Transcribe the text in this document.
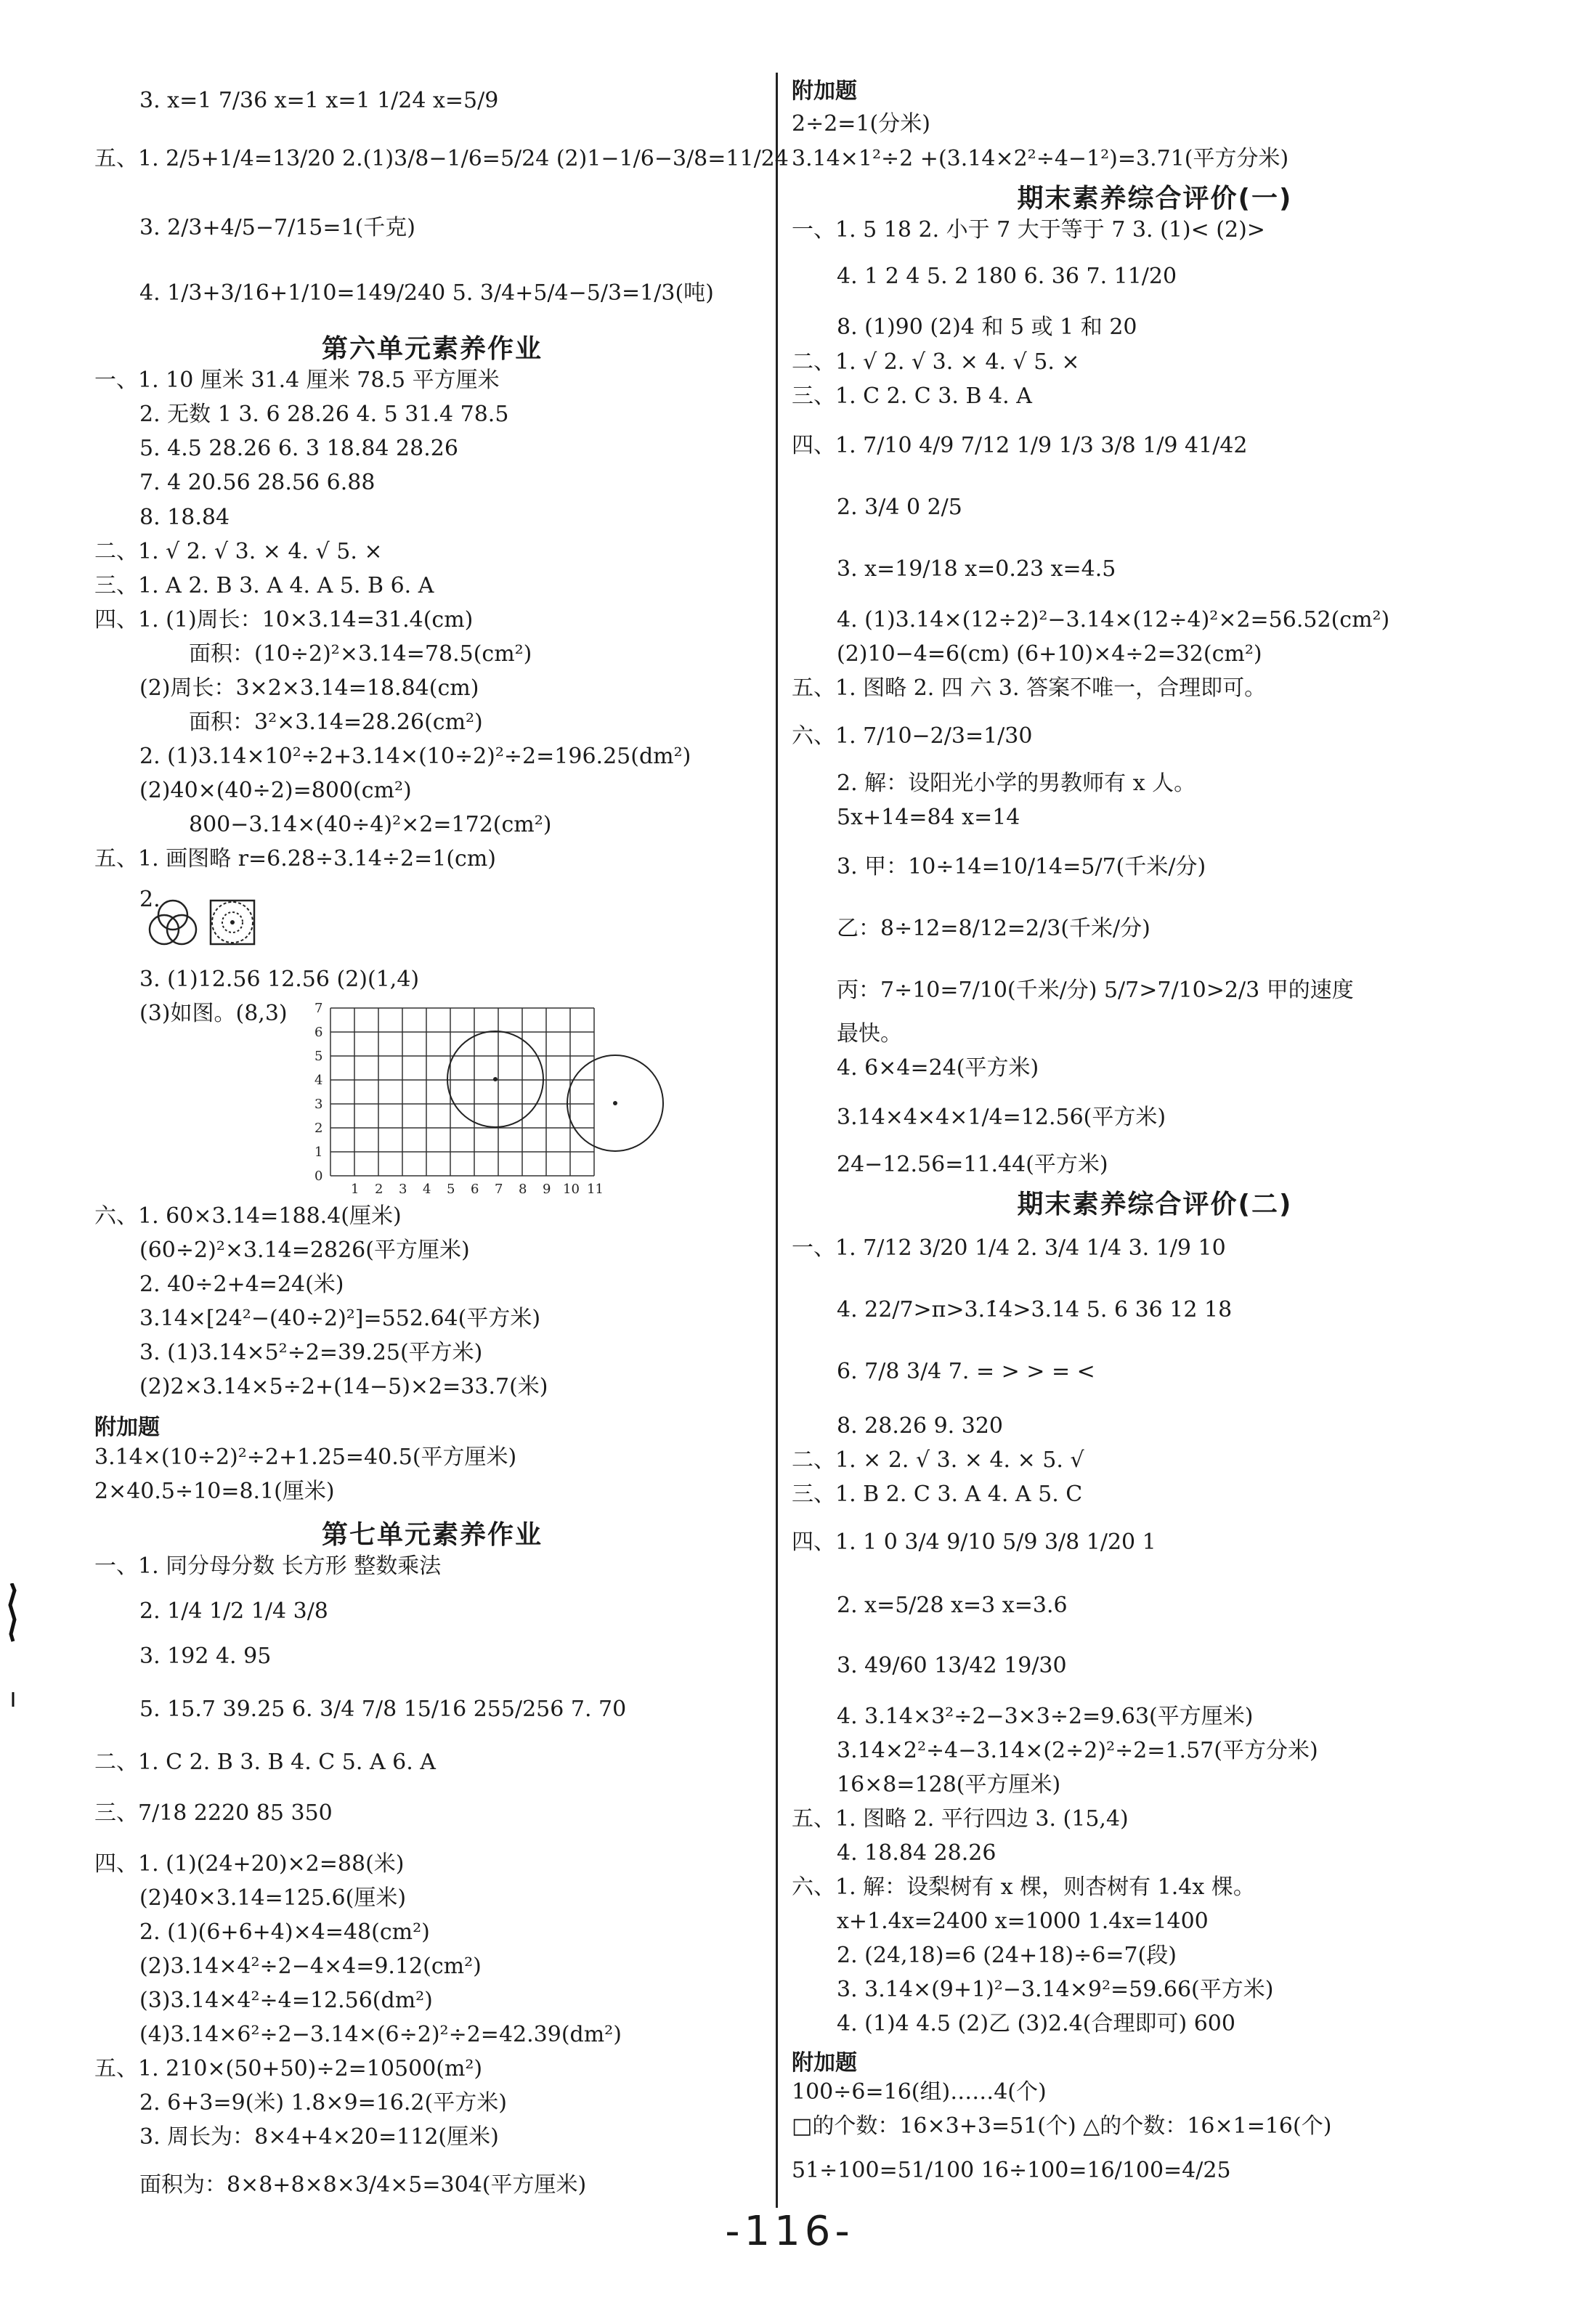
3. x=1 7/36 x=1 x=1 1/24 x=5/9
五、1. 2/5+1/4=13/20 2.(1)3/8−1/6=5/24 (2)1−1/6−3/8=11/24
3. 2/3+4/5−7/15=1(千克)
4. 1/3+3/16+1/10=149/240 5. 3/4+5/4−5/3=1/3(吨)
第六单元素养作业
一、1. 10 厘米 31.4 厘米 78.5 平方厘米
2. 无数 1 3. 6 28.26 4. 5 31.4 78.5
5. 4.5 28.26 6. 3 18.84 28.26
7. 4 20.56 28.56 6.88
8. 18.84
二、1. √ 2. √ 3. × 4. √ 5. ×
三、1. A 2. B 3. A 4. A 5. B 6. A
四、1. (1)周长：10×3.14=31.4(cm)
面积：(10÷2)²×3.14=78.5(cm²)
(2)周长：3×2×3.14=18.84(cm)
面积：3²×3.14=28.26(cm²)
2. (1)3.14×10²÷2+3.14×(10÷2)²÷2=196.25(dm²)
(2)40×(40÷2)=800(cm²)
800−3.14×(40÷4)²×2=172(cm²)
五、1. 画图略 r=6.28÷3.14÷2=1(cm)
2.
3. (1)12.56 12.56 (2)(1,4)
(3)如图。(8,3) 7
6
5
4
3
2
1
0
1 2 3 4 5 6 7 8 9 10 11
六、1. 60×3.14=188.4(厘米)
(60÷2)²×3.14=2826(平方厘米)
2. 40÷2+4=24(米)
3.14×[24²−(40÷2)²]=552.64(平方米)
3. (1)3.14×5²÷2=39.25(平方米)
(2)2×3.14×5÷2+(14−5)×2=33.7(米)
附加题
3.14×(10÷2)²÷2+1.25=40.5(平方厘米)
2×40.5÷10=8.1(厘米)
第七单元素养作业
一、1. 同分母分数 长方形 整数乘法
2. 1/4 1/2 1/4 3/8
3. 192 4. 95
5. 15.7 39.25 6. 3/4 7/8 15/16 255/256 7. 70
二、1. C 2. B 3. B 4. C 5. A 6. A
三、7/18 2220 85 350
四、1. (1)(24+20)×2=88(米)
(2)40×3.14=125.6(厘米)
2. (1)(6+6+4)×4=48(cm²)
(2)3.14×4²÷2−4×4=9.12(cm²)
(3)3.14×4²÷4=12.56(dm²)
(4)3.14×6²÷2−3.14×(6÷2)²÷2=42.39(dm²)
五、1. 210×(50+50)÷2=10500(m²)
2. 6+3=9(米) 1.8×9=16.2(平方米)
3. 周长为：8×4+4×20=112(厘米)
面积为：8×8+8×8×3/4×5=304(平方厘米)
附加题
2÷2=1(分米)
3.14×1²÷2 +(3.14×2²÷4−1²)=3.71(平方分米)
期末素养综合评价(一)
一、1. 5 18 2. 小于 7 大于等于 7 3. (1)< (2)>
4. 1 2 4 5. 2 180 6. 36 7. 11/20
8. (1)90 (2)4 和 5 或 1 和 20
二、1. √ 2. √ 3. × 4. √ 5. ×
三、1. C 2. C 3. B 4. A
四、1. 7/10 4/9 7/12 1/9 1/3 3/8 1/9 41/42
2. 3/4 0 2/5
3. x=19/18 x=0.23 x=4.5
4. (1)3.14×(12÷2)²−3.14×(12÷4)²×2=56.52(cm²)
(2)10−4=6(cm) (6+10)×4÷2=32(cm²)
五、1. 图略 2. 四 六 3. 答案不唯一，合理即可。
六、1. 7/10−2/3=1/30
2. 解：设阳光小学的男教师有 x 人。
5x+14=84 x=14
3. 甲：10÷14=10/14=5/7(千米/分)
乙：8÷12=8/12=2/3(千米/分)
丙：7÷10=7/10(千米/分) 5/7>7/10>2/3 甲的速度
最快。
4. 6×4=24(平方米)
3.14×4×4×1/4=12.56(平方米)
24−12.56=11.44(平方米)
期末素养综合评价(二)
一、1. 7/12 3/20 1/4 2. 3/4 1/4 3. 1/9 10
4. 22/7>π>3.1̇4̇>3.14 5. 6 36 12 18
6. 7/8 3/4 7. = > > = <
8. 28.26 9. 320
二、1. × 2. √ 3. × 4. × 5. √
三、1. B 2. C 3. A 4. A 5. C
四、1. 1 0 3/4 9/10 5/9 3/8 1/20 1
2. x=5/28 x=3 x=3.6
3. 49/60 13/42 19/30
4. 3.14×3²÷2−3×3÷2=9.63(平方厘米)
3.14×2²÷4−3.14×(2÷2)²÷2=1.57(平方分米)
16×8=128(平方厘米)
五、1. 图略 2. 平行四边 3. (15,4)
4. 18.84 28.26
六、1. 解：设梨树有 x 棵，则杏树有 1.4x 棵。
x+1.4x=2400 x=1000 1.4x=1400
2. (24,18)=6 (24+18)÷6=7(段)
3. 3.14×(9+1)²−3.14×9²=59.66(平方米)
4. (1)4 4.5 (2)乙 (3)2.4(合理即可) 600
附加题
100÷6=16(组)……4(个)
□的个数：16×3+3=51(个) △的个数：16×1=16(个)
51÷100=51/100 16÷100=16/100=4/25
-116-
